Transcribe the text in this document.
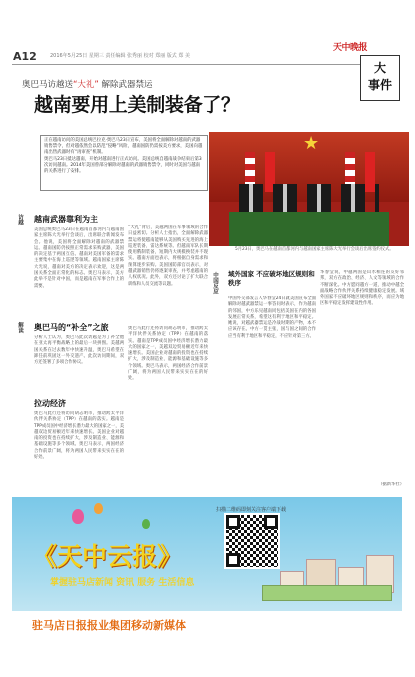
A12	2016年5月25日 星期三 责任编辑 张秀丽 校对 郑丽 版式 郑 美
天中晚报
大
事件
奥巴马访越送“大礼” 解除武器禁运
越南要用上美制装备了？

正在越南访问的美国总统巴拉克·奥巴马23日宣布，美国将全面解除对越南的武器销售禁令，但对越依然会以防范“侵略”风险，越南国防仍需按美方要求，美国向越南出售武器时有“再审查”机制。

奥巴马23日抵达越南，开始对越南进行正式访问。美国总统自越南战争结束后第3次访问越南。2014年美国曾部分解除对越南的武器销售禁令，同时对美国与越南的关系进行了安排。

★
5月23日，奥巴马在越南首都河内与越南国家主席陈大光举行会谈后出席签约仪式。
访越 越南武器靠利为主
美国总统奥巴马23日在越南首都河内与越南国家主席陈大光举行会谈后，出席联合新闻发布会。他说，美国将全面解除对越南的武器禁运。越南国防仍按照正常需求采购武器，美国的决定基于两国互信。越南对美国军备的需求主要集中在海上巡逻等领域。越南国家主席陈大光说，越南对美方的决定表示欢迎，这是两国关系全面正常化的标志。奥巴马表示，美方此举不是针对中国，而是越南在军事合作上的需要。
“大礼”背后，美越两国在军事领域的合作日益密切。分析人士指出，全面解除武器禁运将使越南能够从美国购买先进的海上巡逻装备、雷达系统等。但越南军队长期使用俄制装备，短期内大规模换装并不现实。越南方面也表示，将根据自身需求和预算逐步采购。美国国防部官员表示，对越武器销售仍将逐案审查，并考虑越南的人权状况。此外，双方还讨论了扩大联合训练和人员交流等议题。
解读 奥巴马的“补全”之旅
分析人士认为，奥巴马此次访越是为了补全他在亚太再平衡战略上的最后一块拼图。美越两国关系在过去数年中快速升温，奥巴马希望在卸任前巩固这一外交遗产。此次访问期间，双方还签署了多项合作协议。
拉动经济
奥巴马此行还将访问胡志明市，推动跨太平洋伙伴关系协定（TPP）在越南的落实。越南是TPP成员国中经济增长潜力最大的国家之一，美越双边贸易额近年来快速增长。美国企业对越南的投资也在持续扩大，涉及制造业、能源和基础设施等多个领域。奥巴马表示，两国经济合作前景广阔，将为两国人民带来实实在在的好处。
奥巴马此行还将访问胡志明市，推动跨太平洋伙伴关系协定（TPP）在越南的落实。越南是TPP成员国中经济增长潜力最大的国家之一，美越双边贸易额近年来快速增长。美国企业对越南的投资也在持续扩大，涉及制造业、能源和基础设施等多个领域。奥巴马表示，两国经济合作前景广阔，将为两国人民带来实实在在的好处。
中国反应 域外国家 不应破坏地区规则和秩序
中国外交部发言人华春莹24日就美国宣布全面解除对越武器禁运一事答问时表示，作为越南的邻国，中方乐见越南同包括美国在内的各国发展正常关系，希望这有利于地区和平稳定。她说，对越武器禁运是冷战时期的产物，本不应该存在。中方一贯主张，国与国之间的合作应当有利于地区和平稳定，不应针对第三方。
华春莹说，中越两国是山水相连的友好邻邦，双方在政治、经济、人文等领域的合作不断深化。中方愿同越方一道，推动中越全面战略合作伙伴关系持续健康稳定发展。域外国家不应破坏地区规则和秩序，而应为地区和平稳定发挥建设性作用。
（据新华社）
《天中云报》
掌握驻马店新闻 资讯 服务 生活信息
扫描二维码即刻关注客户端下载
驻马店日报报业集团移动新媒体
